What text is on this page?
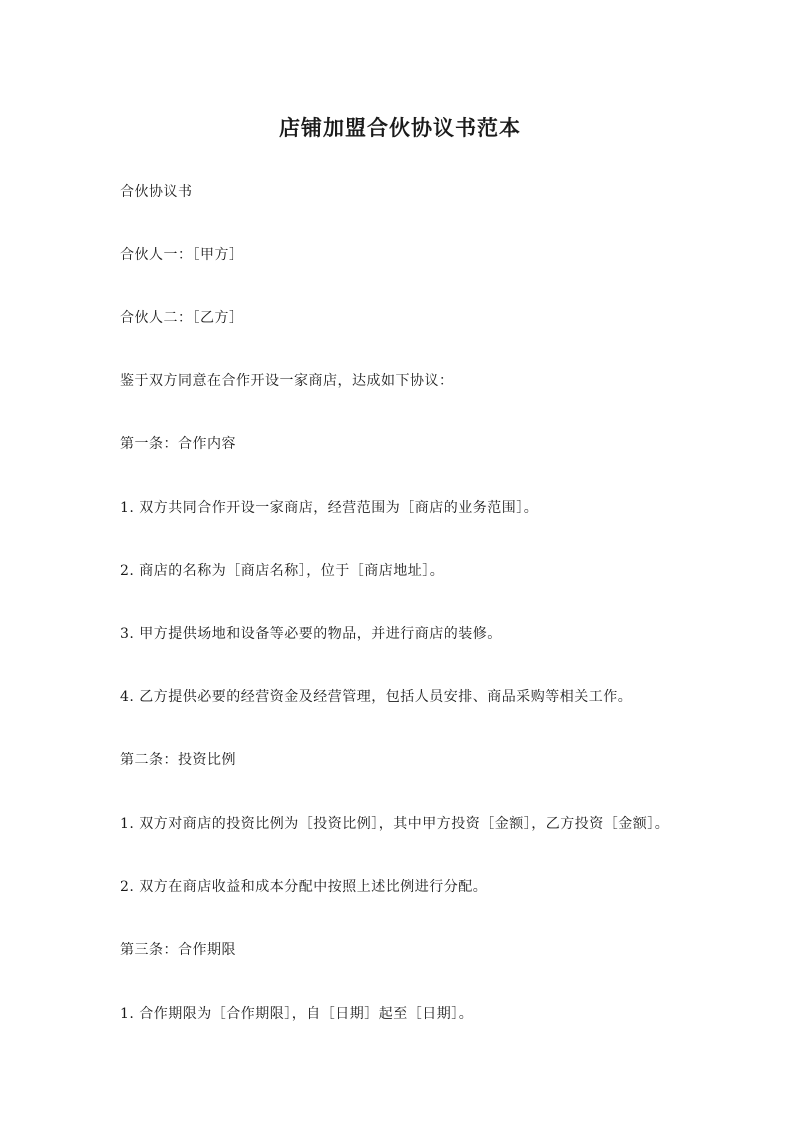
店铺加盟合伙协议书范本
合伙协议书
合伙人一：［甲方］
合伙人二：［乙方］
鉴于双方同意在合作开设一家商店，达成如下协议：
第一条：合作内容
1. 双方共同合作开设一家商店，经营范围为［商店的业务范围］。
2. 商店的名称为［商店名称］，位于［商店地址］。
3. 甲方提供场地和设备等必要的物品，并进行商店的装修。
4. 乙方提供必要的经营资金及经营管理，包括人员安排、商品采购等相关工作。
第二条：投资比例
1. 双方对商店的投资比例为［投资比例］，其中甲方投资［金额］，乙方投资［金额］。
2. 双方在商店收益和成本分配中按照上述比例进行分配。
第三条：合作期限
1. 合作期限为［合作期限］，自［日期］起至［日期］。
